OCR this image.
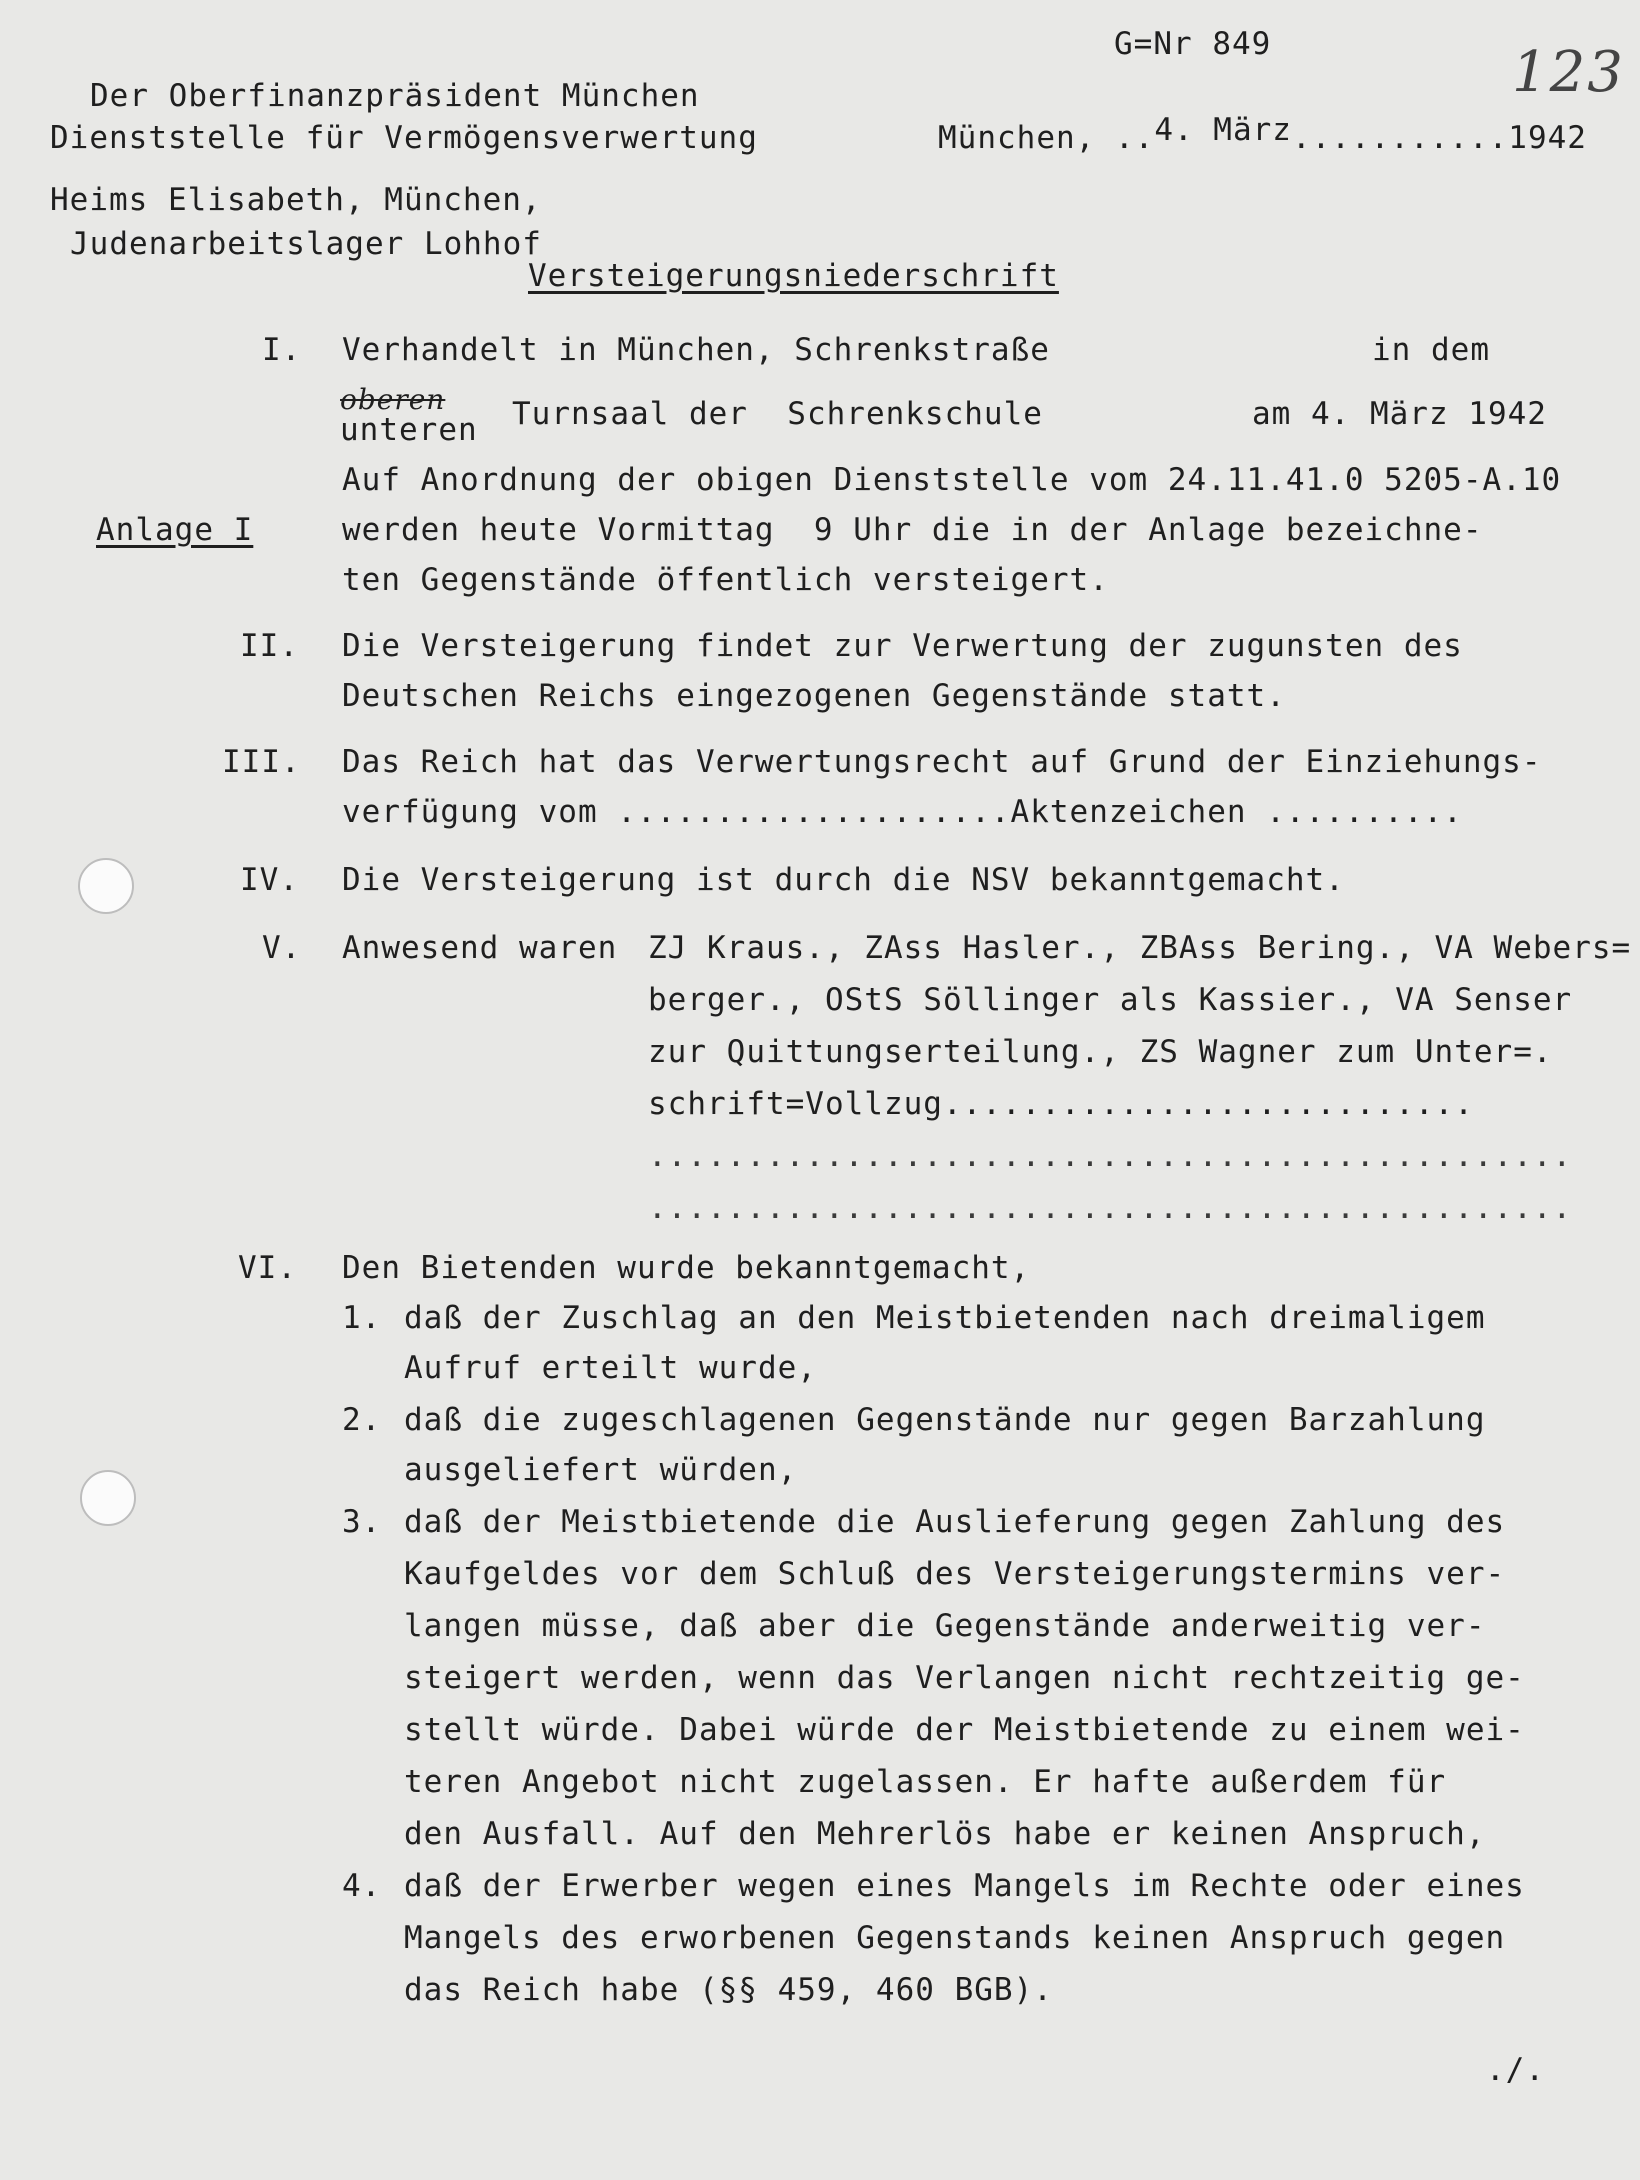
G=Nr 849	123
Der Oberfinanzpräsident München
Dienststelle für Vermögensverwertung	München, ..4. März...........1942
Heims Elisabeth, München,
Judenarbeitslager Lohhof
Versteigerungsniederschrift
I. Verhandelt in München, Schrenkstraße	in dem
oberen
unteren Turnsaal der  Schrenkschule	am 4. März 1942
Auf Anordnung der obigen Dienststelle vom 24.11.41.0 5205-A.10
Anlage I	werden heute Vormittag  9 Uhr die in der Anlage bezeichne-
ten Gegenstände öffentlich versteigert.
II. Die Versteigerung findet zur Verwertung der zugunsten des
Deutschen Reichs eingezogenen Gegenstände statt.
III. Das Reich hat das Verwertungsrecht auf Grund der Einziehungs-
verfügung vom ....................Aktenzeichen ..........
IV. Die Versteigerung ist durch die NSV bekanntgemacht.
V. Anwesend waren ZJ Kraus., ZAss Hasler., ZBAss Bering., VA Webers=
berger., OStS Söllinger als Kassier., VA Senser
zur Quittungserteilung., ZS Wagner zum Unter=.
schrift=Vollzug...........................
...............................................
...............................................
VI. Den Bietenden wurde bekanntgemacht,
1. daß der Zuschlag an den Meistbietenden nach dreimaligem
Aufruf erteilt wurde,
2. daß die zugeschlagenen Gegenstände nur gegen Barzahlung
ausgeliefert würden,
3. daß der Meistbietende die Auslieferung gegen Zahlung des
Kaufgeldes vor dem Schluß des Versteigerungstermins ver-
langen müsse, daß aber die Gegenstände anderweitig ver-
steigert werden, wenn das Verlangen nicht rechtzeitig ge-
stellt würde. Dabei würde der Meistbietende zu einem wei-
teren Angebot nicht zugelassen. Er hafte außerdem für
den Ausfall. Auf den Mehrerlös habe er keinen Anspruch,
4. daß der Erwerber wegen eines Mangels im Rechte oder eines
Mangels des erworbenen Gegenstands keinen Anspruch gegen
das Reich habe (§§ 459, 460 BGB).
./.
